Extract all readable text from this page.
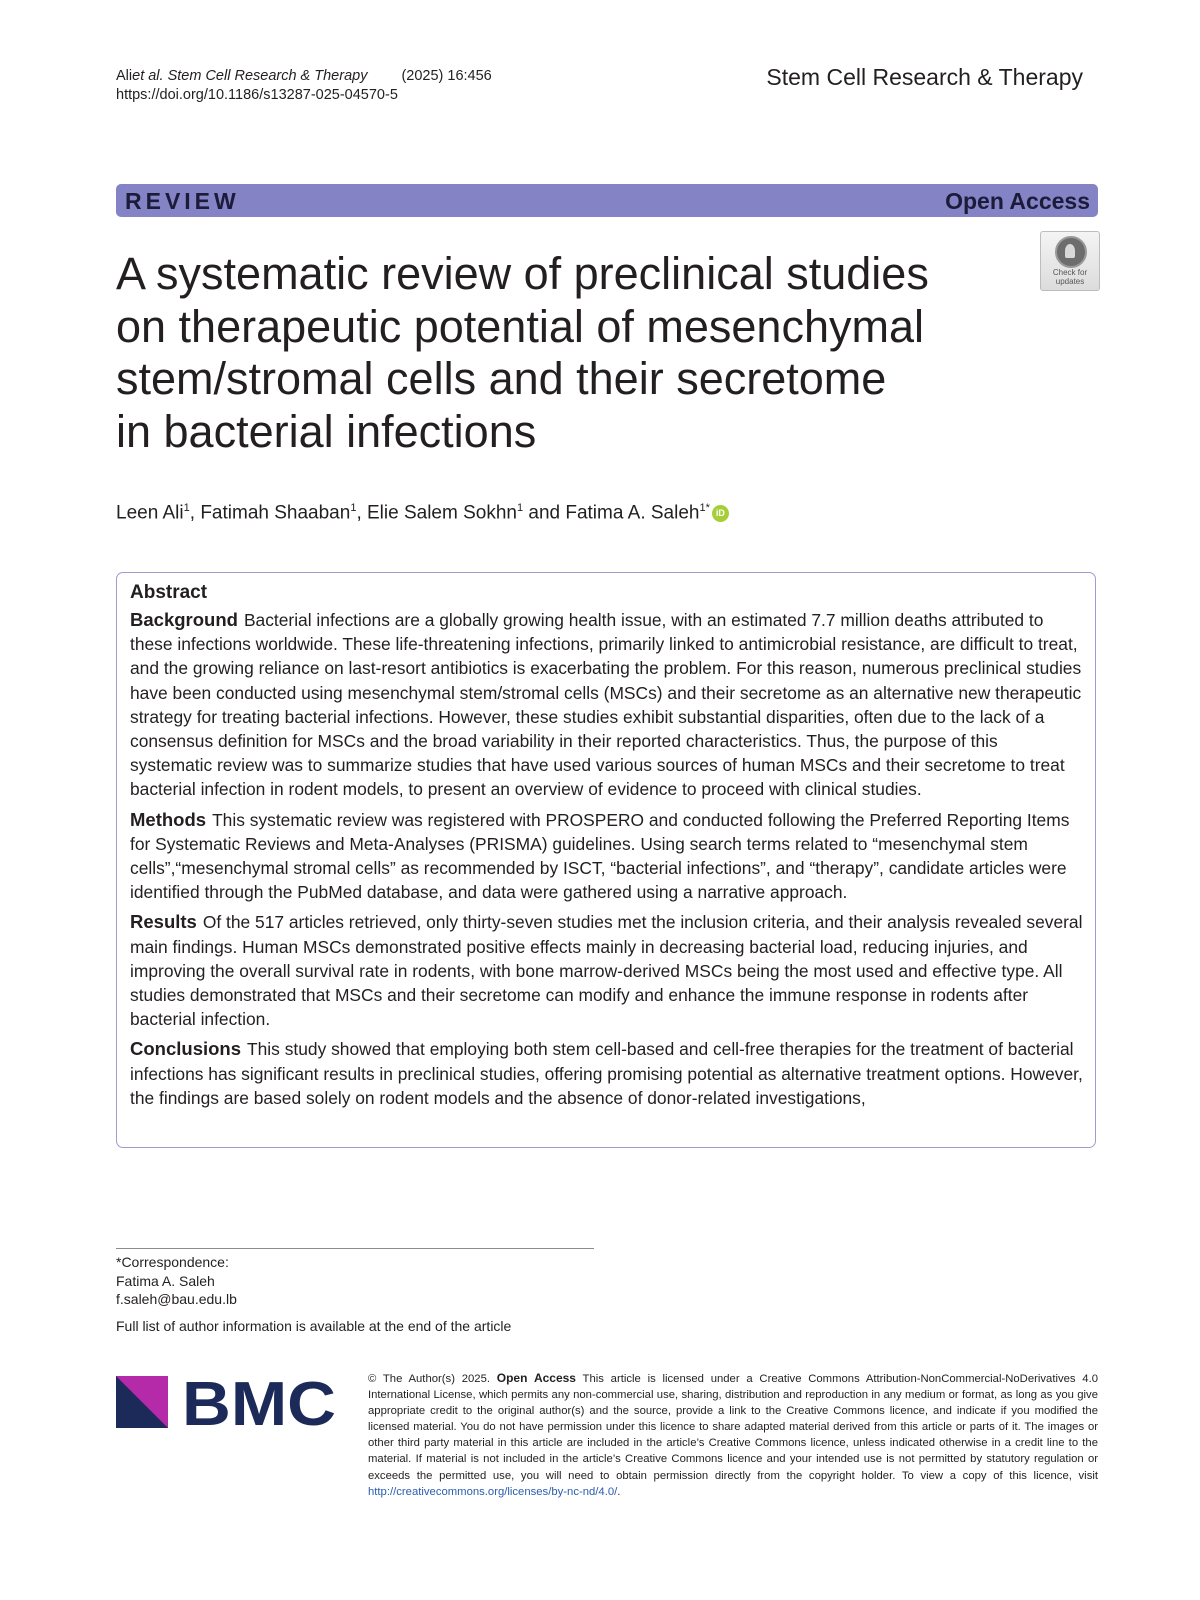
Aliet al. Stem Cell Research & Therapy (2025) 16:456
https://doi.org/10.1186/s13287-025-04570-5
Stem Cell Research & Therapy
REVIEW	Open Access
A systematic review of preclinical studies
on therapeutic potential of mesenchymal
stem/stromal cells and their secretome
in bacterial infections
Check for
updates
Leen Ali$^1$, Fatimah Shaaban$^1$, Elie Salem Sokhn$^1$ and Fatima A. Saleh$^{1*}$ iD
Abstract

Background Bacterial infections are a globally growing health issue, with an estimated 7.7 million deaths attributed to these infections worldwide. These life-threatening infections, primarily linked to antimicrobial resistance, are difficult to treat, and the growing reliance on last-resort antibiotics is exacerbating the problem. For this reason, numerous preclinical studies have been conducted using mesenchymal stem/stromal cells (MSCs) and their secretome as an alternative new therapeutic strategy for treating bacterial infections. However, these studies exhibit substantial disparities, often due to the lack of a consensus definition for MSCs and the broad variability in their reported characteristics. Thus, the purpose of this systematic review was to summarize studies that have used various sources of human MSCs and their secretome to treat bacterial infection in rodent models, to present an overview of evidence to proceed with clinical studies.

Methods This systematic review was registered with PROSPERO and conducted following the Preferred Reporting Items for Systematic Reviews and Meta-Analyses (PRISMA) guidelines. Using search terms related to “mesenchymal stem cells”,“mesenchymal stromal cells” as recommended by ISCT, “bacterial infections”, and “therapy”, candidate articles were identified through the PubMed database, and data were gathered using a narrative approach.

Results Of the 517 articles retrieved, only thirty-seven studies met the inclusion criteria, and their analysis revealed several main findings. Human MSCs demonstrated positive effects mainly in decreasing bacterial load, reducing injuries, and improving the overall survival rate in rodents, with bone marrow-derived MSCs being the most used and effective type. All studies demonstrated that MSCs and their secretome can modify and enhance the immune response in rodents after bacterial infection.

Conclusions This study showed that employing both stem cell-based and cell-free therapies for the treatment of bacterial infections has significant results in preclinical studies, offering promising potential as alternative treatment options. However, the findings are based solely on rodent models and the absence of donor-related investigations,

*Correspondence:
Fatima A. Saleh
f.saleh@bau.edu.lb
Full list of author information is available at the end of the article
BMC	© The Author(s) 2025. Open Access This article is licensed under a Creative Commons Attribution-NonCommercial-NoDerivatives 4.0 International License, which permits any non-commercial use, sharing, distribution and reproduction in any medium or format, as long as you give appropriate credit to the original author(s) and the source, provide a link to the Creative Commons licence, and indicate if you modified the licensed material. You do not have permission under this licence to share adapted material derived from this article or parts of it. The images or other third party material in this article are included in the article’s Creative Commons licence, unless indicated otherwise in a credit line to the material. If material is not included in the article’s Creative Commons licence and your intended use is not permitted by statutory regulation or exceeds the permitted use, you will need to obtain permission directly from the copyright holder. To view a copy of this licence, visit http://creativecommons.org/licenses/by-nc-nd/4.0/.
